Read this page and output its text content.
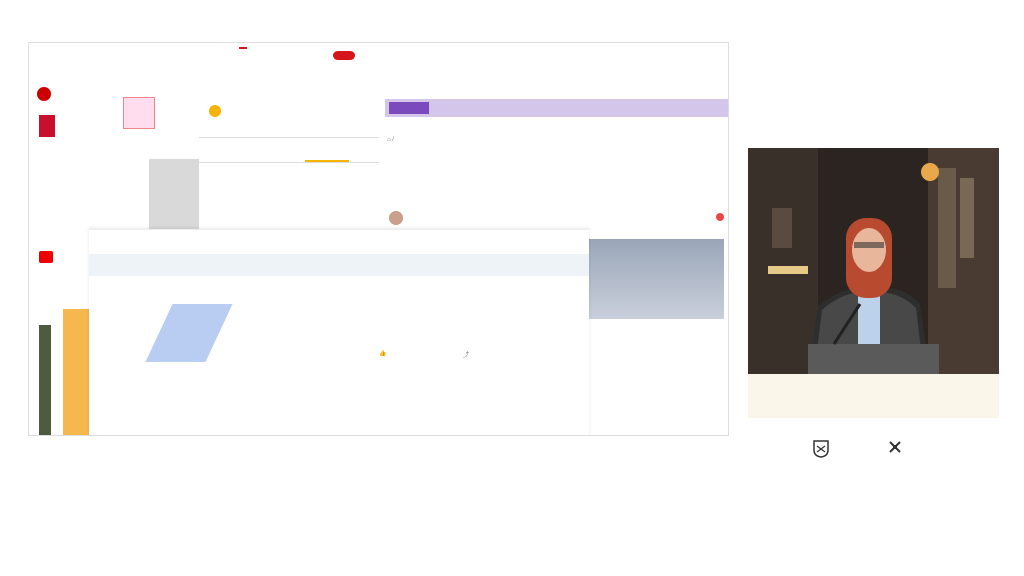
⌂ /
👍	⤴
